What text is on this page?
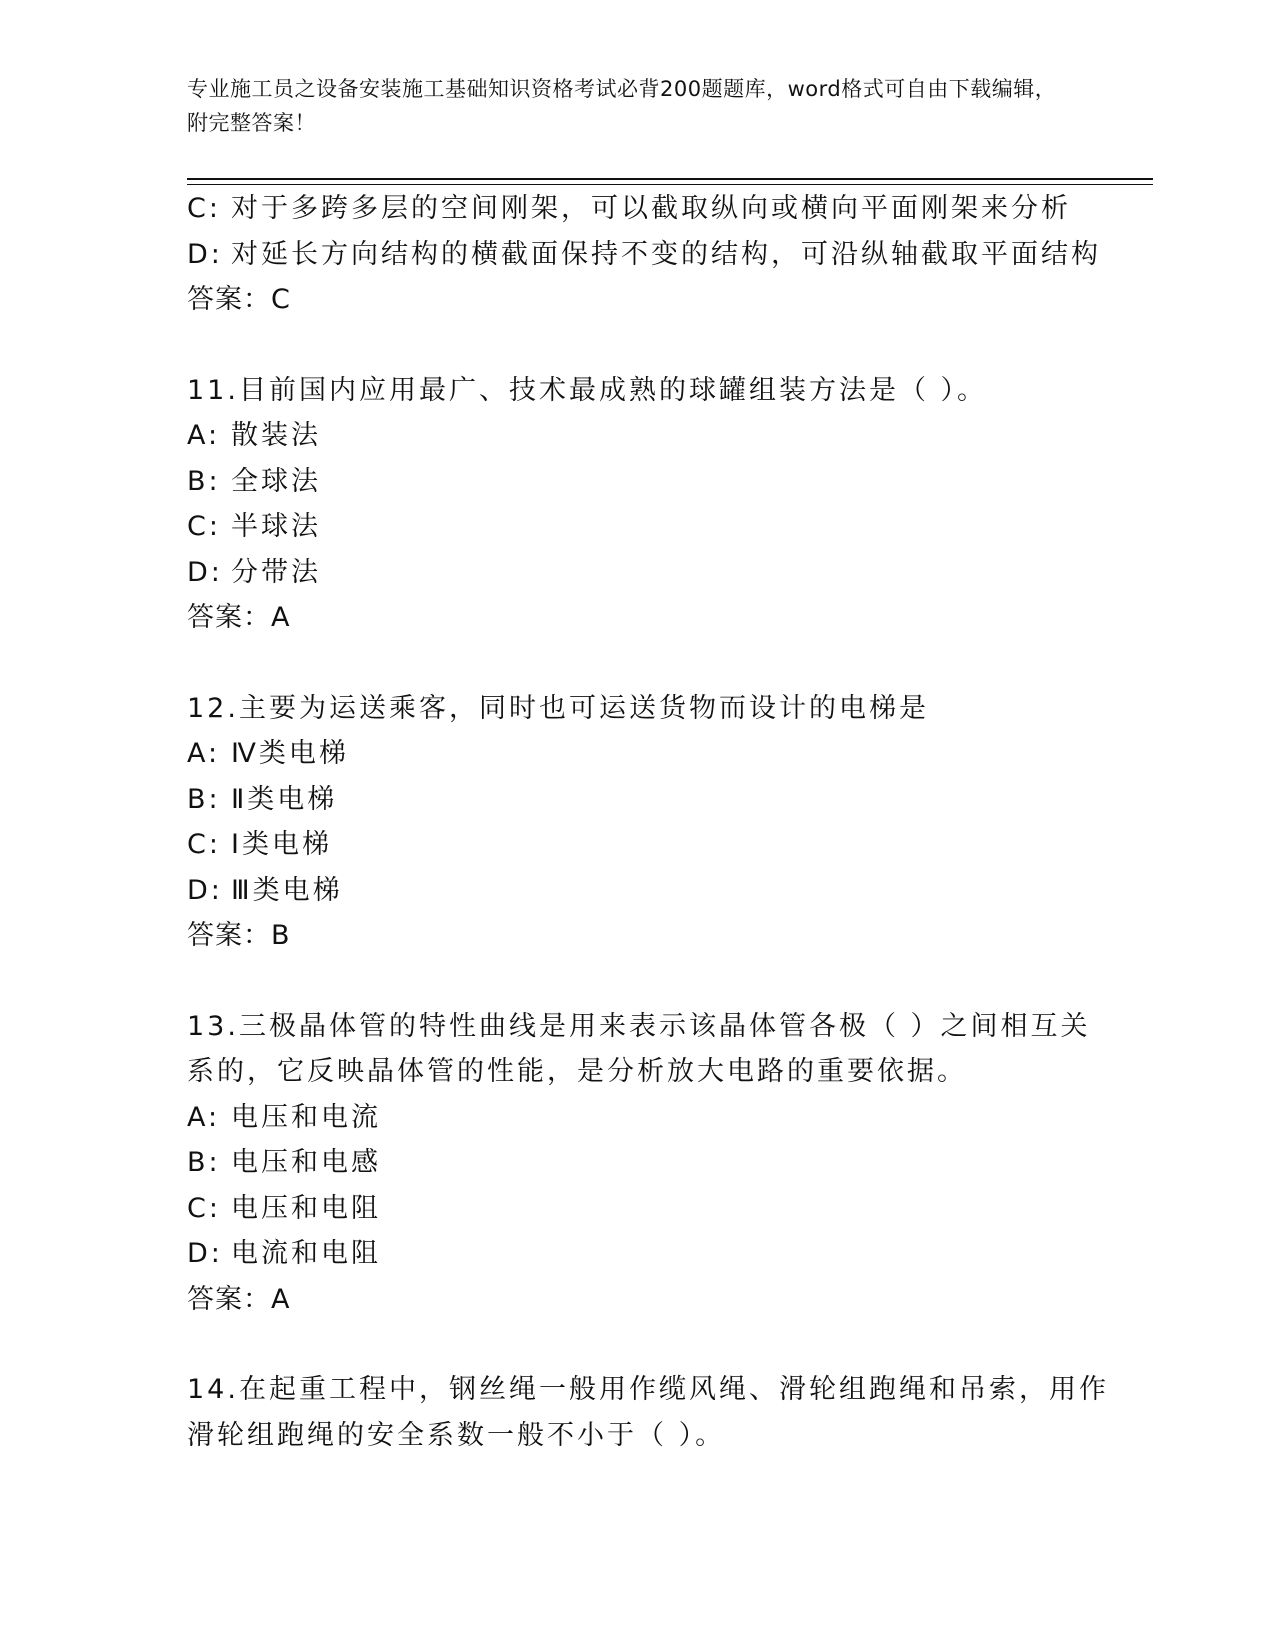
专业施工员之设备安装施工基础知识资格考试必背200题题库，word格式可自由下载编辑，附完整答案！
C: 对于多跨多层的空间刚架，可以截取纵向或横向平面刚架来分析
D: 对延长方向结构的横截面保持不变的结构，可沿纵轴截取平面结构
答案：C
11.目前国内应用最广、技术最成熟的球罐组装方法是（ ）。
A: 散装法
B: 全球法
C: 半球法
D: 分带法
答案：A
12.主要为运送乘客，同时也可运送货物而设计的电梯是
A: Ⅳ类电梯
B: Ⅱ类电梯
C: Ⅰ类电梯
D: Ⅲ类电梯
答案：B
13.三极晶体管的特性曲线是用来表示该晶体管各极（ ）之间相互关
系的，它反映晶体管的性能，是分析放大电路的重要依据。
A: 电压和电流
B: 电压和电感
C: 电压和电阻
D: 电流和电阻
答案：A
14.在起重工程中，钢丝绳一般用作缆风绳、滑轮组跑绳和吊索，用作
滑轮组跑绳的安全系数一般不小于（ ）。
